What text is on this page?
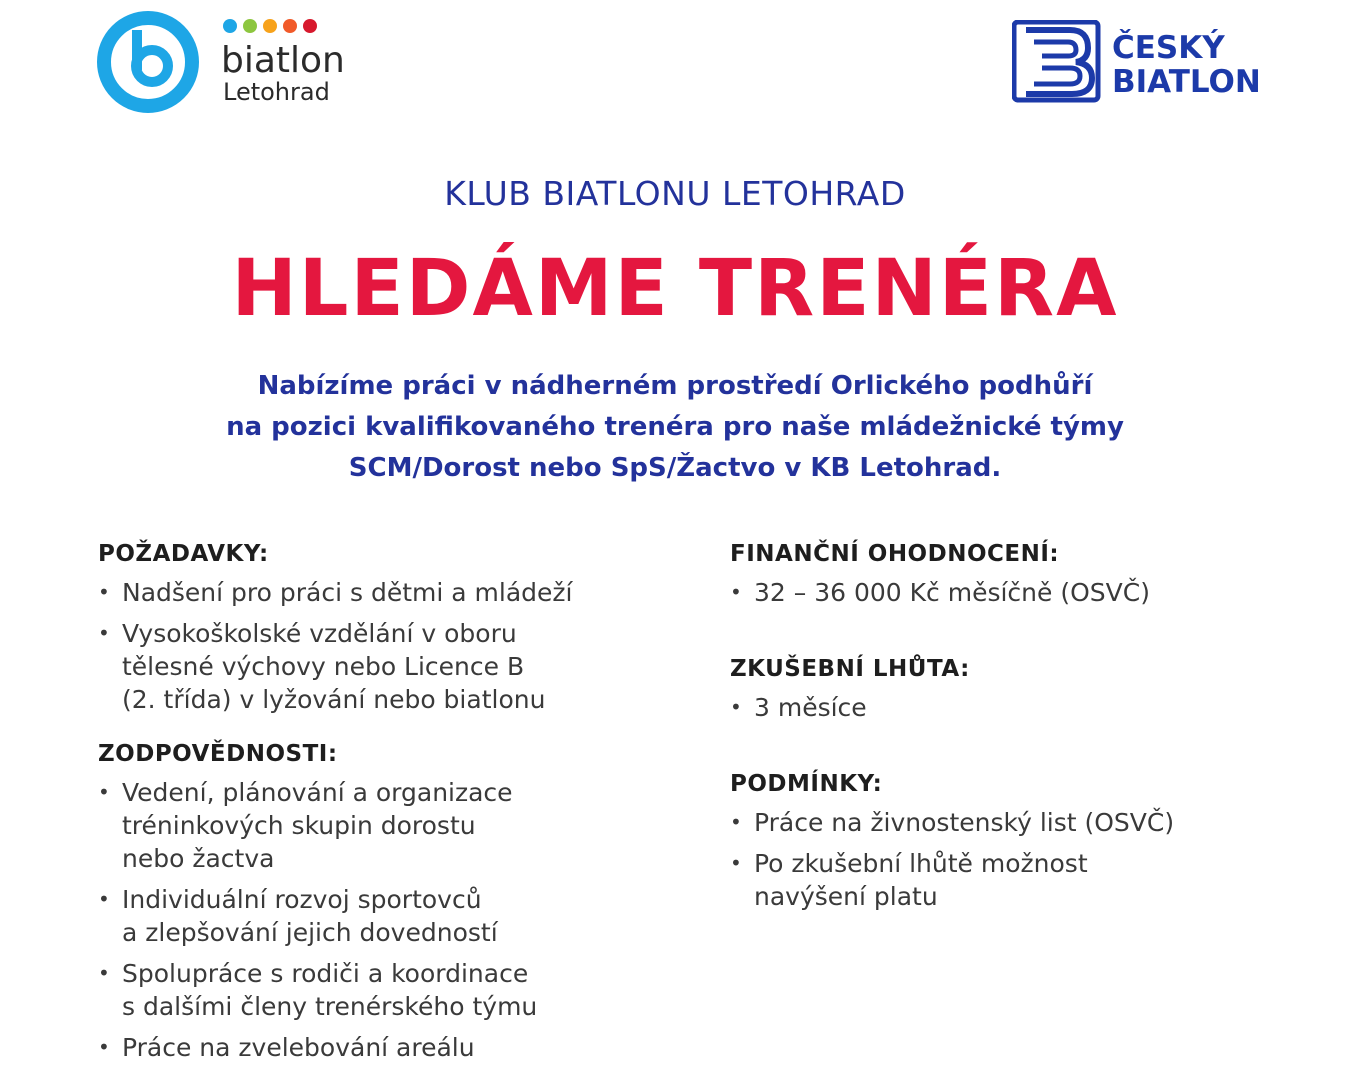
biatlon
Letohrad
ČESKÝ
BIATLON
KLUB BIATLONU LETOHRAD
HLEDÁME TRENÉRA
Nabízíme práci v nádherném prostředí Orlického podhůří
na pozici kvalifikovaného trenéra pro naše mládežnické týmy
SCM/Dorost nebo SpS/Žactvo v KB Letohrad.
POŽADAVKY:
• Nadšení pro práci s dětmi a mládeží
• Vysokoškolské vzdělání v oboru
tělesné výchovy nebo Licence B
(2. třída) v lyžování nebo biatlonu
ZODPOVĚDNOSTI:
• Vedení, plánování a organizace
tréninkových skupin dorostu
nebo žactva
• Individuální rozvoj sportovců
a zlepšování jejich dovedností
• Spolupráce s rodiči a koordinace
s dalšími členy trenérského týmu
• Práce na zvelebování areálu
FINANČNÍ OHODNOCENÍ:
• 32 – 36 000 Kč měsíčně (OSVČ)
ZKUŠEBNÍ LHŮTA:
• 3 měsíce
PODMÍNKY:
• Práce na živnostenský list (OSVČ)
• Po zkušební lhůtě možnost
navýšení platu
